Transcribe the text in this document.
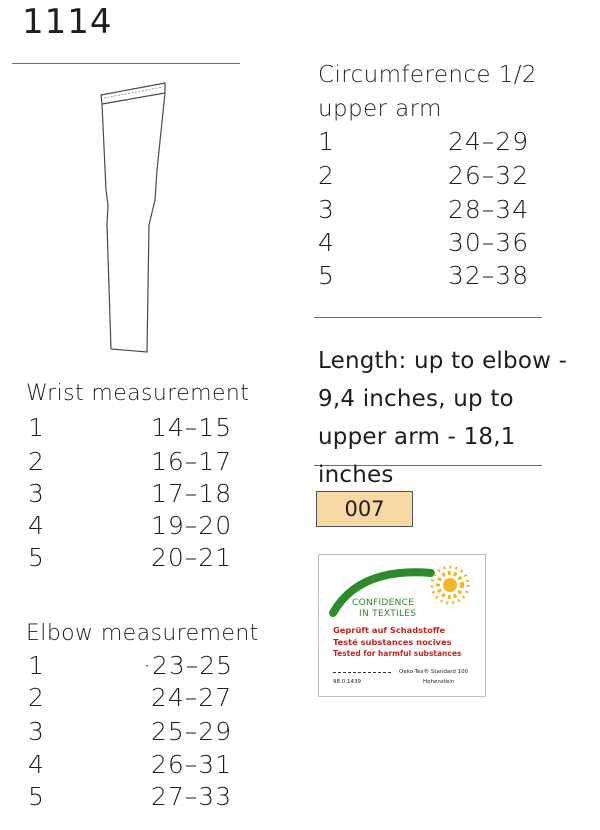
1114
Circumference 1/2
upper arm
1	24–29
2	26–32
3	28–34
4	30–36
5	32–38
Length: up to elbow - 9,4 inches, up to upper arm - 18,1 inches
007
Wrist measurement
1	14–15
2	16–17
3	17–18
4	19–20
5	20–21
CONFIDENCE
IN TEXTILES
Geprüft auf Schadstoffe
Testé substances nocives
Tested for harmful substances
Oeko-Tex® Standard 100
98.0.1439	Hohenstein
Elbow measurement
1	·23–25
2	24–27
3	25–29
4	26–31
5	27–33
